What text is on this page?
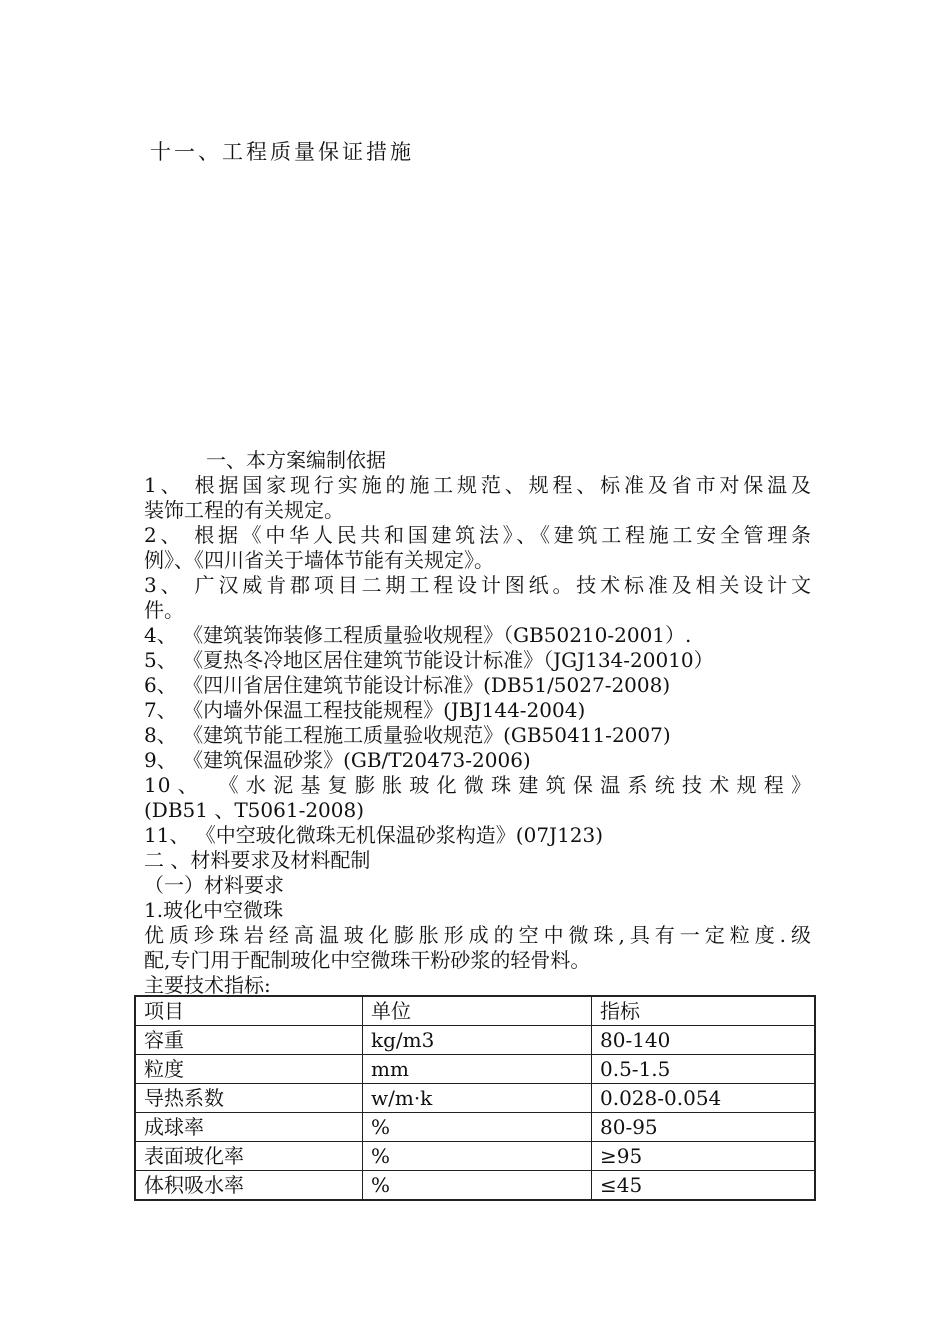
十一、工程质量保证措施

一、本方案编制依据

1、 根据国家现行实施的施工规范、规程、标准及省市对保温及

装饰工程的有关规定。

2、 根据《中华人民共和国建筑法》、《建筑工程施工安全管理条

例》、《四川省关于墙体节能有关规定》。

3、 广汉威肯郡项目二期工程设计图纸。技术标准及相关设计文

件。

4、 《建筑装饰装修工程质量验收规程》（GB50210-2001）.

5、 《夏热冬冷地区居住建筑节能设计标准》（JGJ134-20010）

6、 《四川省居住建筑节能设计标准》(DB51/5027-2008)

7、 《内墙外保温工程技能规程》(JBJ144-2004)

8、 《建筑节能工程施工质量验收规范》(GB50411-2007)

9、 《建筑保温砂浆》(GB/T20473-2006)

10、 《水泥基复膨胀玻化微珠建筑保温系统技术规程》

(DB51 、T5061-2008)

11、 《中空玻化微珠无机保温砂浆构造》(07J123)

二 、材料要求及材料配制

（一）材料要求

1.玻化中空微珠

优质珍珠岩经高温玻化膨胀形成的空中微珠,具有一定粒度.级

配,专门用于配制玻化中空微珠干粉砂浆的轻骨料。

主要技术指标:

项目	单位	指标
容重	kg/m3	80-140
粒度	mm	0.5-1.5
导热系数	w/m·k	0.028-0.054
成球率	%	80-95
表面玻化率	%	≥95
体积吸水率	%	≤45
